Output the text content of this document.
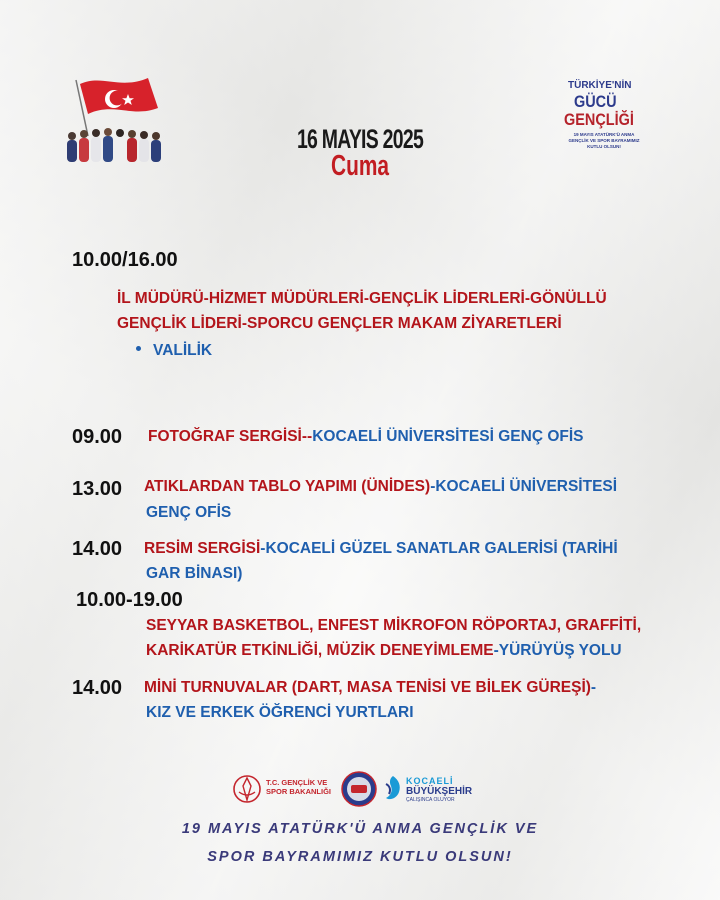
16 MAYIS 2025
Cuma
TÜRKİYE'NİN
GÜCÜ
GENÇLİĞİ
19 MAYIS ATATÜRK'Ü ANMA GENÇLİK VE SPOR BAYRAMIMIZ KUTLU OLSUN!
10.00/16.00
İL MÜDÜRÜ-HİZMET MÜDÜRLERİ-GENÇLİK LİDERLERİ-GÖNÜLLÜ
GENÇLİK LİDERİ-SPORCU GENÇLER MAKAM ZİYARETLERİ
VALİLİK
09.00 FOTOĞRAF SERGİSİ--KOCAELİ ÜNİVERSİTESİ GENÇ OFİS
13.00 ATIKLARDAN TABLO YAPIMI (ÜNİDES)-KOCAELİ ÜNİVERSİTESİ
GENÇ OFİS
14.00 RESİM SERGİSİ-KOCAELİ GÜZEL SANATLAR GALERİSİ (TARİHİ
GAR BİNASI)
10.00-19.00
SEYYAR BASKETBOL, ENFEST MİKROFON RÖPORTAJ, GRAFFİTİ,
KARİKATÜR ETKİNLİĞİ, MÜZİK DENEYİMLEME-YÜRÜYÜŞ YOLU
14.00 MİNİ TURNUVALAR (DART, MASA TENİSİ VE BİLEK GÜREŞİ)-
KIZ VE ERKEK ÖĞRENCİ YURTLARI
T.C. GENÇLİK VE
SPOR BAKANLIĞI
KOCAELİ
BÜYÜKŞEHİR
ÇALIŞINCA OLUYOR
19 MAYIS ATATÜRK'Ü ANMA GENÇLİK VE
SPOR BAYRAMIMIZ KUTLU OLSUN!
